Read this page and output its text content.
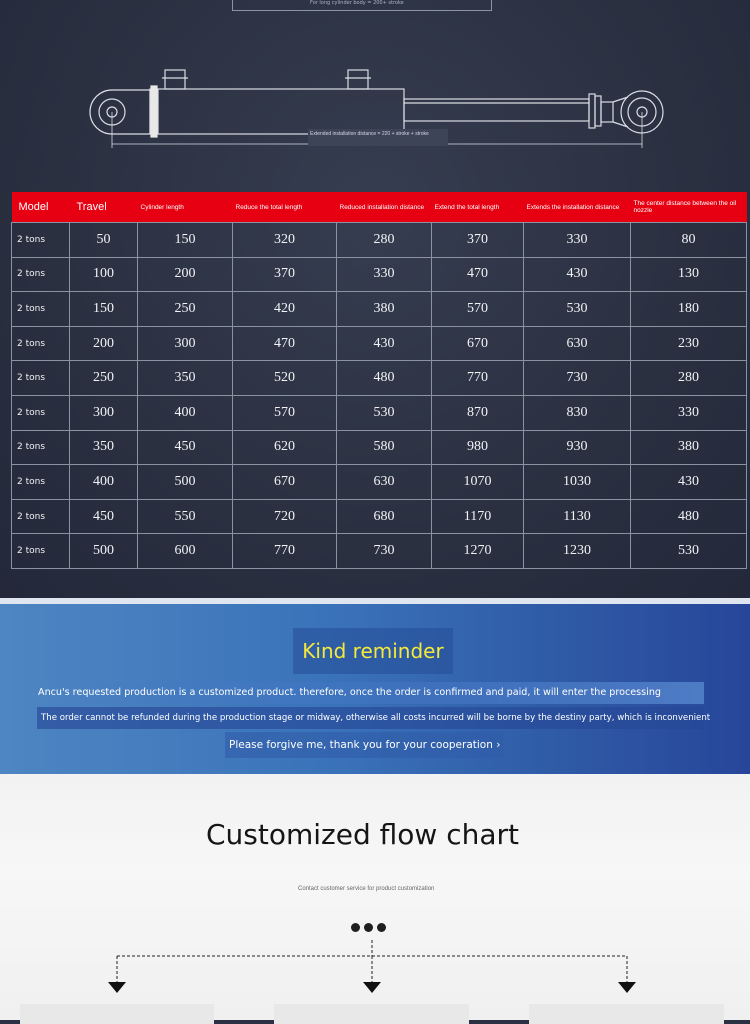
For long cylinder body = 200+ stroke
Extended installation distance = 220 + stroke + stroke
Model	Travel	Cylinder length	Reduce the total length	Reduced installation distance	Extend the total length	Extends the installation distance	The center distance between the oil nozzle
2 tons	50	150	320	280	370	330	80
2 tons	100	200	370	330	470	430	130
2 tons	150	250	420	380	570	530	180
2 tons	200	300	470	430	670	630	230
2 tons	250	350	520	480	770	730	280
2 tons	300	400	570	530	870	830	330
2 tons	350	450	620	580	980	930	380
2 tons	400	500	670	630	1070	1030	430
2 tons	450	550	720	680	1170	1130	480
2 tons	500	600	770	730	1270	1230	530
Kind reminder
Ancu's requested production is a customized product. therefore, once the order is confirmed and paid, it will enter the processing
The order cannot be refunded during the production stage or midway, otherwise all costs incurred will be borne by the destiny party, which is inconvenient
Please forgive me, thank you for your cooperation ›
Customized flow chart
Contact customer service for product customization
